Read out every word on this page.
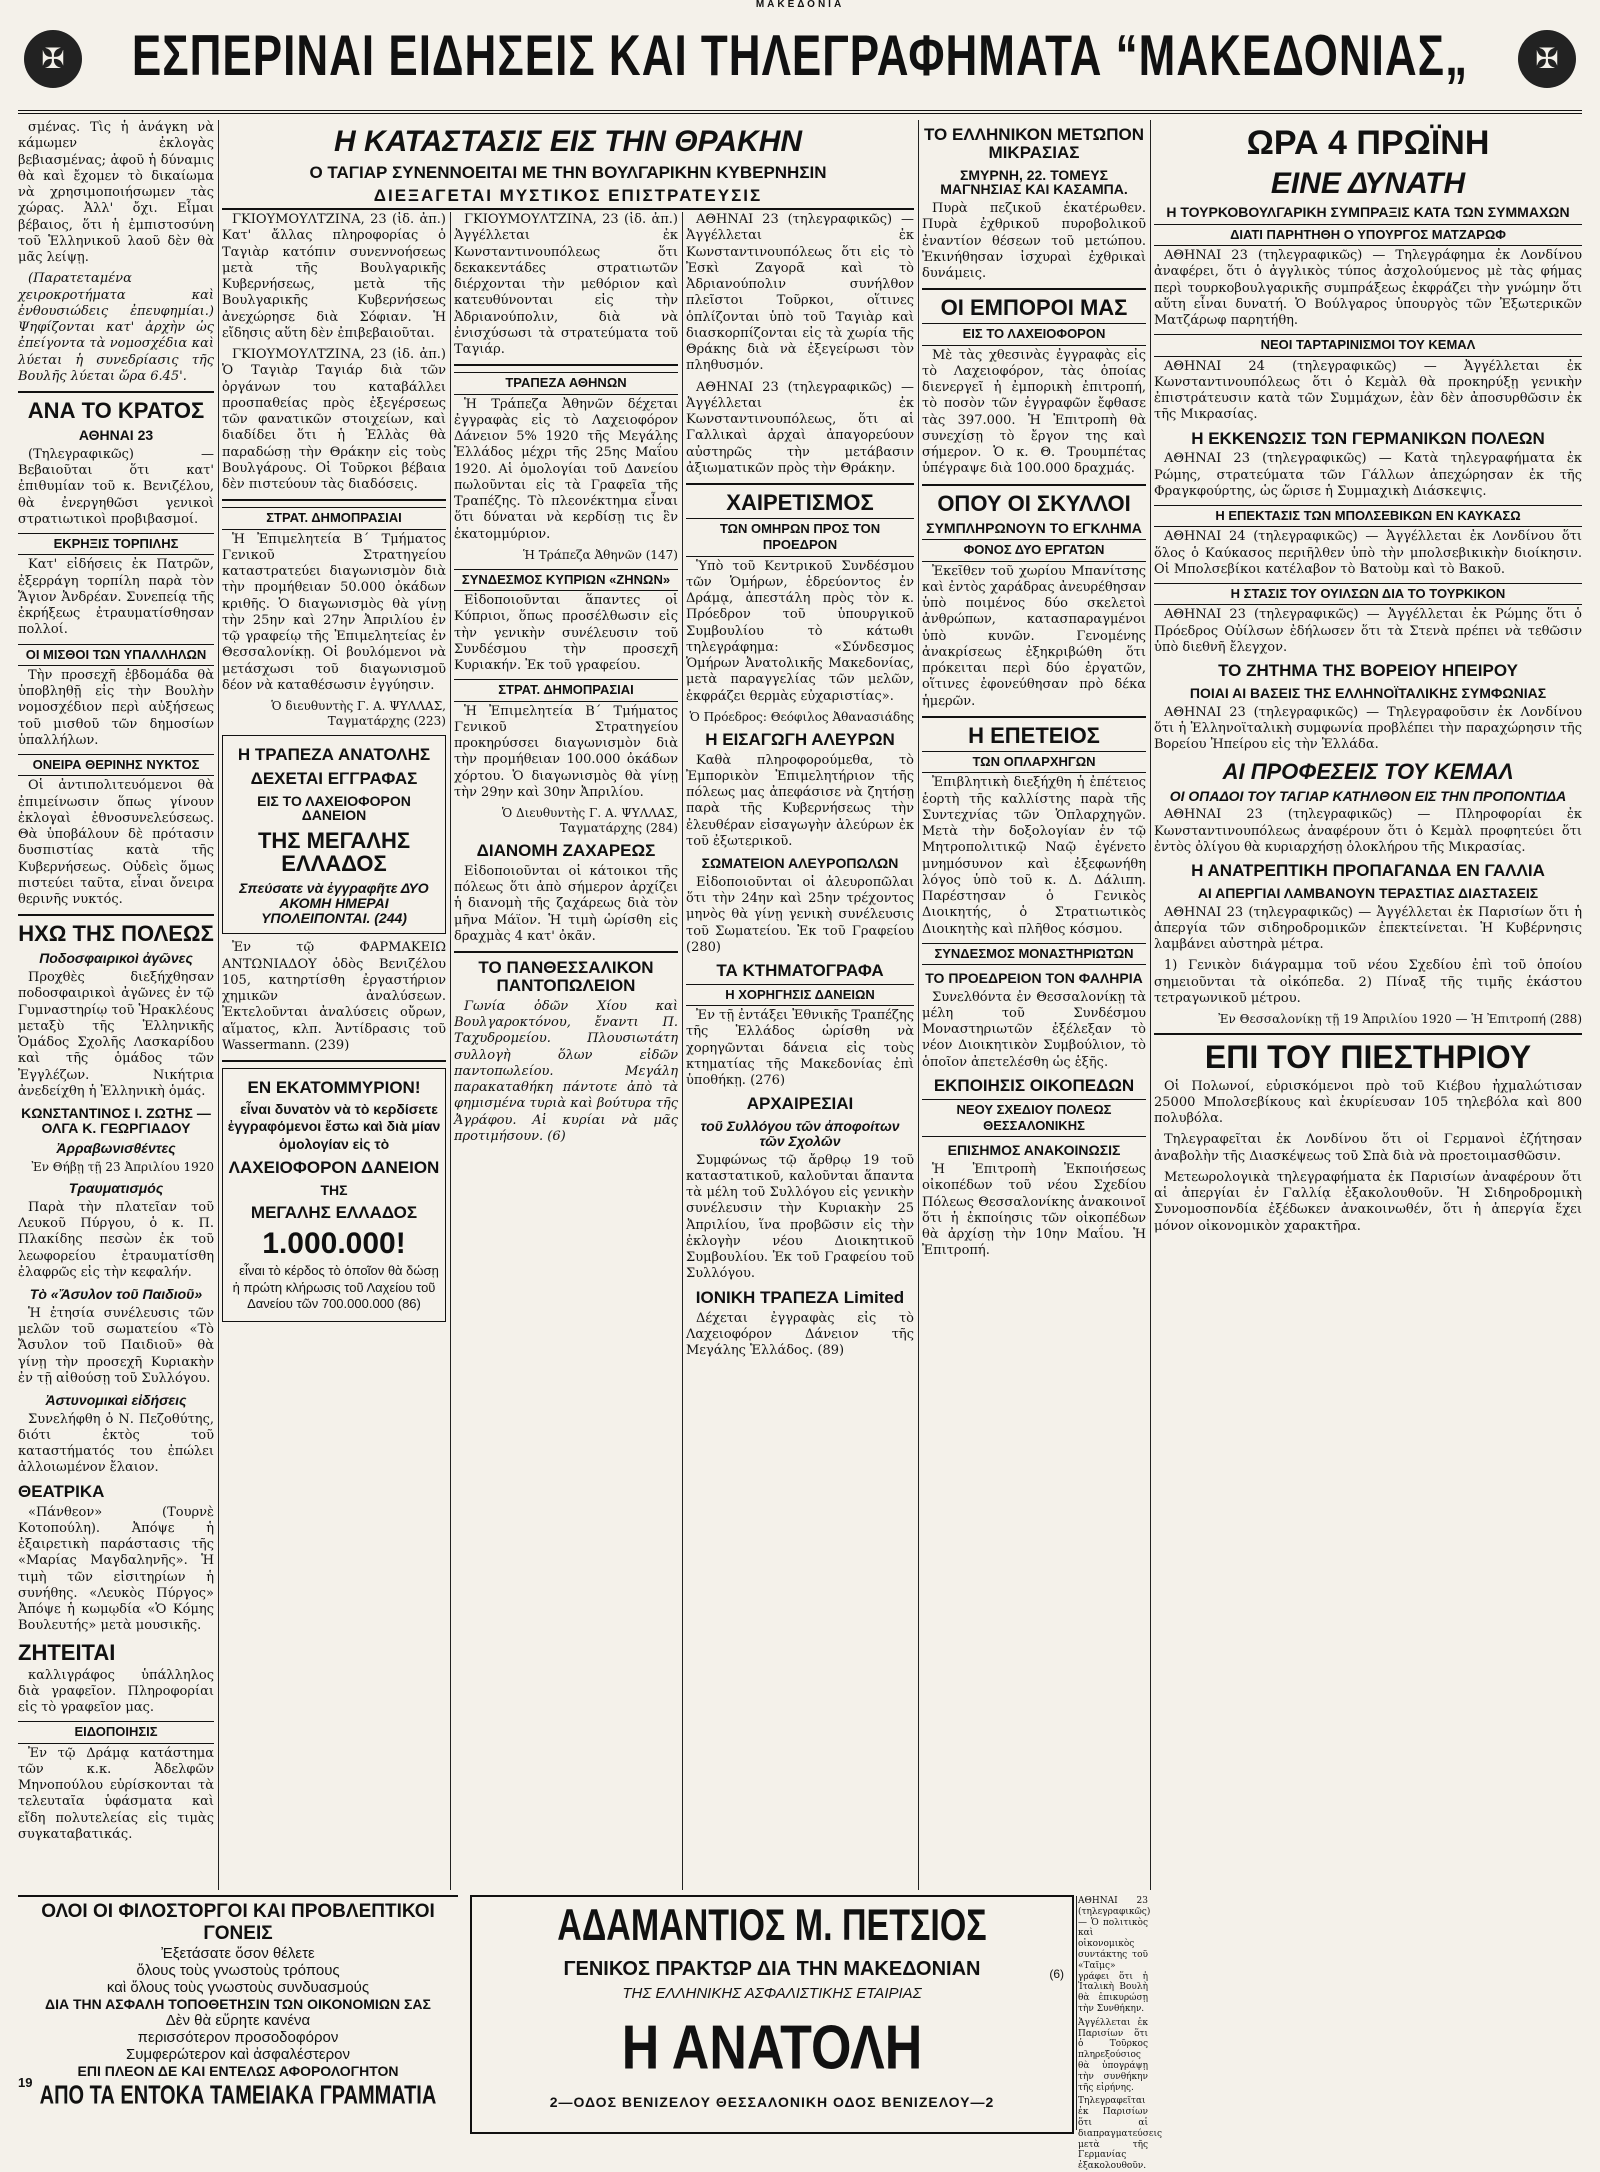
ΜΑΚΕΔΟΝΙΑ
✠	ΕΣΠΕΡΙΝΑΙ ΕΙΔΗΣΕΙΣ ΚΑΙ ΤΗΛΕΓΡΑΦΗΜΑΤΑ “ΜΑΚΕΔΟΝΙΑΣ„	✠

σμένας. Τὶς ἡ ἀνάγκη νὰ κάμωμεν ἐκλογὰς βεβιασμένας; ἀφοῦ ἡ δύναμις θὰ καὶ ἔχομεν τὸ δικαίωμα νὰ χρησιμοποιήσωμεν τὰς χώρας. Ἀλλ' ὄχι. Εἶμαι βέβαιος, ὅτι ἡ ἐμπιστοσύνη τοῦ Ἑλληνικοῦ λαοῦ δὲν θὰ μᾶς λείψῃ.

(Παρατεταμένα χειροκροτήματα καὶ ἐνθουσιώδεις ἐπευφημίαι.) Ψηφίζονται κατ' ἀρχὴν ὡς ἐπείγοντα τὰ νομοσχέδια καὶ λύεται ἡ συνεδρίασις τῆς Βουλῆς λύεται ὥρα 6.45'.

ΑΝΑ ΤΟ ΚΡΑΤΟΣ
ΑΘΗΝΑΙ 23

(Τηλεγραφικῶς) — Βεβαιοῦται ὅτι κατ' ἐπιθυμίαν τοῦ κ. Βενιζέλου, θὰ ἐνεργηθῶσι γενικοὶ στρατιωτικοὶ προβιβασμοί.

ΕΚΡΗΞΙΣ ΤΟΡΠΙΛΗΣ

Κατ' εἰδήσεις ἐκ Πατρῶν, ἐξερράγη τορπίλη παρὰ τὸν Ἅγιον Ἀνδρέαν. Συνεπείᾳ τῆς ἐκρήξεως ἐτραυματίσθησαν πολλοί.

ΟΙ ΜΙΣΘΟΙ ΤΩΝ ΥΠΑΛΛΗΛΩΝ

Τὴν προσεχῆ ἑβδομάδα θὰ ὑποβληθῇ εἰς τὴν Βουλὴν νομοσχέδιον περὶ αὐξήσεως τοῦ μισθοῦ τῶν δημοσίων ὑπαλλήλων.

ΟΝΕΙΡΑ ΘΕΡΙΝΗΣ ΝΥΚΤΟΣ

Οἱ ἀντιπολιτευόμενοι θὰ ἐπιμείνωσιν ὅπως γίνουν ἐκλογαὶ ἐθνοσυνελεύσεως. Θὰ ὑποβάλουν δὲ πρότασιν δυσπιστίας κατὰ τῆς Κυβερνήσεως. Οὐδεὶς ὅμως πιστεύει ταῦτα, εἶναι ὄνειρα θερινῆς νυκτός.

ΗΧΩ ΤΗΣ ΠΟΛΕΩΣ
Ποδοσφαιρικοὶ ἀγῶνες

Προχθὲς διεξήχθησαν ποδοσφαιρικοὶ ἀγῶνες ἐν τῷ Γυμναστηρίῳ τοῦ Ἡρακλέους μεταξὺ τῆς Ἑλληνικῆς Ὁμάδος Σχολῆς Λασκαρίδου καὶ τῆς ὁμάδος τῶν Ἐγγλέζων. Νικήτρια ἀνεδείχθη ἡ Ἑλληνικὴ ὁμάς.

ΚΩΝΣΤΑΝΤΙΝΟΣ Ι. ΖΩΤΗΣ — ΟΛΓΑ Κ. ΓΕΩΡΓΙΑΔΟΥ
Ἀρραβωνισθέντες
Ἐν Θήβῃ τῇ 23 Ἀπριλίου 1920
Τραυματισμός

Παρὰ τὴν πλατεῖαν τοῦ Λευκοῦ Πύργου, ὁ κ. Π. Πλακίδης πεσὼν ἐκ τοῦ λεωφορείου ἐτραυματίσθη ἐλαφρῶς εἰς τὴν κεφαλήν.

Τὸ «Ἄσυλον τοῦ Παιδιοῦ»

Ἡ ἐτησία συνέλευσις τῶν μελῶν τοῦ σωματείου «Τὸ Ἄσυλον τοῦ Παιδιοῦ» θὰ γίνῃ τὴν προσεχῆ Κυριακὴν ἐν τῇ αἰθούσῃ τοῦ Συλλόγου.

Ἀστυνομικαὶ εἰδήσεις

Συνελήφθη ὁ Ν. Πεζοθύτης, διότι ἐκτὸς τοῦ καταστήματός του ἐπώλει ἀλλοιωμένον ἔλαιον.

ΘΕΑΤΡΙΚΑ

«Πάνθεον» (Τουρνὲ Κοτοπούλη). Ἀπόψε ἡ ἐξαιρετικὴ παράστασις τῆς «Μαρίας Μαγδαληνῆς». Ἡ τιμὴ τῶν εἰσιτηρίων ἡ συνήθης. «Λευκὸς Πύργος» Ἀπόψε ἡ κωμῳδία «Ὁ Κόμης Βουλευτής» μετὰ μουσικῆς.

ΖΗΤΕΙΤΑΙ

καλλιγράφος ὑπάλληλος διὰ γραφεῖον. Πληροφορίαι εἰς τὸ γραφεῖον μας.

ΕΙΔΟΠΟΙΗΣΙΣ

Ἐν τῷ Δράμᾳ κατάστημα τῶν κ.κ. Ἀδελφῶν Μηνοπούλου εὑρίσκονται τὰ τελευταῖα ὑφάσματα καὶ εἴδη πολυτελείας εἰς τιμὰς συγκαταβατικάς.

Η ΚΑΤΑΣΤΑΣΙΣ ΕΙΣ ΤΗΝ ΘΡΑΚΗΝ
Ο ΤΑΓΙΑΡ ΣΥΝΕΝΝΟΕΙΤΑΙ ΜΕ ΤΗΝ ΒΟΥΛΓΑΡΙΚΗΝ ΚΥΒΕΡΝΗΣΙΝ
ΔΙΕΞΑΓΕΤΑΙ ΜΥΣΤΙΚΟΣ ΕΠΙΣΤΡΑΤΕΥΣΙΣ

ΓΚΙΟΥΜΟΥΛΤΖΙΝΑ, 23 (ἰδ. ἀπ.) Κατ' ἄλλας πληροφορίας ὁ Ταγιὰρ κατόπιν συνεννοήσεως μετὰ τῆς Βουλγαρικῆς Κυβερνήσεως, μετὰ τῆς Βουλγαρικῆς Κυβερνήσεως ἀνεχώρησε διὰ Σόφιαν. Ἡ εἴδησις αὕτη δὲν ἐπιβεβαιοῦται.

ΓΚΙΟΥΜΟΥΛΤΖΙΝΑ, 23 (ἰδ. ἀπ.) Ὁ Ταγιὰρ Ταγιάρ διὰ τῶν ὀργάνων του καταβάλλει προσπαθείας πρὸς ἐξεγέρσεως τῶν φανατικῶν στοιχείων, καὶ διαδίδει ὅτι ἡ Ἑλλὰς θὰ παραδώσῃ τὴν Θράκην εἰς τοὺς Βουλγάρους. Οἱ Τοῦρκοι βέβαια δὲν πιστεύουν τὰς διαδόσεις.

ΣΤΡΑΤ. ΔΗΜΟΠΡΑΣΙΑΙ

Ἡ Ἐπιμελητεία Β΄ Τμήματος Γενικοῦ Στρατηγείου καταστρατεύει διαγωνισμὸν διὰ τὴν προμήθειαν 50.000 ὀκάδων κριθῆς. Ὁ διαγωνισμὸς θὰ γίνῃ τὴν 25ην καὶ 27ην Ἀπριλίου ἐν τῷ γραφείῳ τῆς Ἐπιμελητείας ἐν Θεσσαλονίκῃ. Οἱ βουλόμενοι νὰ μετάσχωσι τοῦ διαγωνισμοῦ δέον νὰ καταθέσωσιν ἐγγύησιν.

Ὁ διευθυντὴς Γ. Α. ΨΥΛΛΑΣ, Ταγματάρχης (223)
Η ΤΡΑΠΕΖΑ ΑΝΑΤΟΛΗΣ
ΔΕΧΕΤΑΙ ΕΓΓΡΑΦΑΣ
ΕΙΣ ΤΟ ΛΑΧΕΙΟΦΟΡΟΝ ΔΑΝΕΙΟΝ
ΤΗΣ ΜΕΓΑΛΗΣ ΕΛΛΑΔΟΣ
Σπεύσατε νὰ ἐγγραφῆτε ΔΥΟ ΑΚΟΜΗ ΗΜΕΡΑΙ ΥΠΟΛΕΙΠΟΝΤΑΙ. (244)

Ἐν τῷ ΦΑΡΜΑΚΕΙΩ ΑΝΤΩΝΙΑΔΟΥ ὁδὸς Βενιζέλου 105, κατηρτίσθη ἐργαστήριον χημικῶν ἀναλύσεων. Ἐκτελοῦνται ἀναλύσεις οὔρων, αἵματος, κλπ. Ἀντίδρασις τοῦ Wassermann. (239)

ΕΝ ΕΚΑΤΟΜΜΥΡΙΟΝ!

εἶναι δυνατὸν νὰ τὸ κερδίσετε ἐγγραφόμενοι ἔστω καὶ διὰ μίαν ὁμολογίαν εἰς τὸ

ΛΑΧΕΙΟΦΟΡΟΝ ΔΑΝΕΙΟΝ
ΤΗΣ
ΜΕΓΑΛΗΣ ΕΛΛΑΔΟΣ
1.000.000!

εἶναι τὸ κέρδος τὸ ὁποῖον θὰ δώσῃ ἡ πρώτη κλήρωσις τοῦ Λαχείου τοῦ Δανείου τῶν 700.000.000 (86)

ΓΚΙΟΥΜΟΥΛΤΖΙΝΑ, 23 (ἰδ. ἀπ.) Ἀγγέλλεται ἐκ Κωνσταντινουπόλεως ὅτι δεκακεντάδες στρατιωτῶν διέρχονται τὴν μεθόριον καὶ κατευθύνονται εἰς τὴν Ἀδριανούπολιν, διὰ νὰ ἐνισχύσωσι τὰ στρατεύματα τοῦ Ταγιάρ.

ΤΡΑΠΕΖΑ ΑΘΗΝΩΝ

Ἡ Τράπεζα Ἀθηνῶν δέχεται ἐγγραφὰς εἰς τὸ Λαχειοφόρον Δάνειον 5% 1920 τῆς Μεγάλης Ἑλλάδος μέχρι τῆς 25ης Μαΐου 1920. Αἱ ὁμολογίαι τοῦ Δανείου πωλοῦνται εἰς τὰ Γραφεῖα τῆς Τραπέζης. Τὸ πλεονέκτημα εἶναι ὅτι δύναται νὰ κερδίσῃ τις ἓν ἑκατομμύριον.

Ἡ Τράπεζα Ἀθηνῶν (147)
ΣΥΝΔΕΣΜΟΣ ΚΥΠΡΙΩΝ «ΖΗΝΩΝ»

Εἰδοποιοῦνται ἅπαντες οἱ Κύπριοι, ὅπως προσέλθωσιν εἰς τὴν γενικὴν συνέλευσιν τοῦ Συνδέσμου τὴν προσεχῆ Κυριακήν. Ἐκ τοῦ γραφείου.

ΣΤΡΑΤ. ΔΗΜΟΠΡΑΣΙΑΙ

Ἡ Ἐπιμελητεία Β΄ Τμήματος Γενικοῦ Στρατηγείου προκηρύσσει διαγωνισμὸν διὰ τὴν προμήθειαν 100.000 ὀκάδων χόρτου. Ὁ διαγωνισμὸς θὰ γίνῃ τὴν 29ην καὶ 30ην Ἀπριλίου.

Ὁ Διευθυντὴς Γ. Α. ΨΥΛΛΑΣ, Ταγματάρχης (284)
ΔΙΑΝΟΜΗ ΖΑΧΑΡΕΩΣ

Εἰδοποιοῦνται οἱ κάτοικοι τῆς πόλεως ὅτι ἀπὸ σήμερον ἀρχίζει ἡ διανομὴ τῆς ζαχάρεως διὰ τὸν μῆνα Μάϊον. Ἡ τιμὴ ὡρίσθη εἰς δραχμὰς 4 κατ' ὀκᾶν.

ΤΟ ΠΑΝΘΕΣΣΑΛΙΚΟΝ ΠΑΝΤΟΠΩΛΕΙΟΝ

Γωνία ὁδῶν Χίου καὶ Βουλγαροκτόνου, ἔναντι Π. Ταχυδρομείου. Πλουσιωτάτη συλλογὴ ὅλων εἰδῶν παντοπωλείου. Μεγάλη παρακαταθήκη πάντοτε ἀπὸ τὰ φημισμένα τυριὰ καὶ βούτυρα τῆς Ἀγράφου. Αἱ κυρίαι νὰ μᾶς προτιμήσουν. (6)

ΑΘΗΝΑΙ 23 (τηλεγραφικῶς) — Ἀγγέλλεται ἐκ Κωνσταντινουπόλεως ὅτι εἰς τὸ Ἐσκὶ Ζαγορᾶ καὶ τὸ Ἀδριανούπολιν συνήλθον πλεῖστοι Τοῦρκοι, οἵτινες ὁπλίζονται ὑπὸ τοῦ Ταγιὰρ καὶ διασκορπίζονται εἰς τὰ χωρία τῆς Θράκης διὰ νὰ ἐξεγείρωσι τὸν πληθυσμόν.

ΑΘΗΝΑΙ 23 (τηλεγραφικῶς) — Ἀγγέλλεται ἐκ Κωνσταντινουπόλεως, ὅτι αἱ Γαλλικαὶ ἀρχαὶ ἀπαγορεύουν αὐστηρῶς τὴν μετάβασιν ἀξιωματικῶν πρὸς τὴν Θράκην.

ΧΑΙΡΕΤΙΣΜΟΣ
ΤΩΝ ΟΜΗΡΩΝ ΠΡΟΣ ΤΟΝ ΠΡΟΕΔΡΟΝ

Ὑπὸ τοῦ Κεντρικοῦ Συνδέσμου τῶν Ὁμήρων, ἑδρεύοντος ἐν Δράμᾳ, ἀπεστάλη πρὸς τὸν κ. Πρόεδρον τοῦ ὑπουργικοῦ Συμβουλίου τὸ κάτωθι τηλεγράφημα: «Σύνδεσμος Ὁμήρων Ἀνατολικῆς Μακεδονίας, μετὰ παραγγελίας τῶν μελῶν, ἐκφράζει θερμὰς εὐχαριστίας».

Ὁ Πρόεδρος: Θεόφιλος Ἀθανασιάδης
Η ΕΙΣΑΓΩΓΗ ΑΛΕΥΡΩΝ

Καθὰ πληροφορούμεθα, τὸ Ἐμπορικὸν Ἐπιμελητήριον τῆς πόλεως μας ἀπεφάσισε νὰ ζητήσῃ παρὰ τῆς Κυβερνήσεως τὴν ἐλευθέραν εἰσαγωγὴν ἀλεύρων ἐκ τοῦ ἐξωτερικοῦ.

ΣΩΜΑΤΕΙΟΝ ΑΛΕΥΡΟΠΩΛΩΝ

Εἰδοποιοῦνται οἱ ἀλευροπῶλαι ὅτι τὴν 24ην καὶ 25ην τρέχοντος μηνὸς θὰ γίνῃ γενικὴ συνέλευσις τοῦ Σωματείου. Ἐκ τοῦ Γραφείου (280)

ΤΑ ΚΤΗΜΑΤΟΓΡΑΦΑ
Η ΧΟΡΗΓΗΣΙΣ ΔΑΝΕΙΩΝ

Ἐν τῇ ἐντάξει Ἐθνικῆς Τραπέζης τῆς Ἑλλάδος ὡρίσθη νὰ χορηγῶνται δάνεια εἰς τοὺς κτηματίας τῆς Μακεδονίας ἐπὶ ὑποθήκῃ. (276)

ΑΡΧΑΙΡΕΣΙΑΙ
τοῦ Συλλόγου τῶν ἀποφοίτων τῶν Σχολῶν

Συμφώνως τῷ ἄρθρῳ 19 τοῦ καταστατικοῦ, καλοῦνται ἅπαντα τὰ μέλη τοῦ Συλλόγου εἰς γενικὴν συνέλευσιν τὴν Κυριακὴν 25 Ἀπριλίου, ἵνα προβῶσιν εἰς τὴν ἐκλογὴν νέου Διοικητικοῦ Συμβουλίου. Ἐκ τοῦ Γραφείου τοῦ Συλλόγου.

ΙΟΝΙΚΗ ΤΡΑΠΕΖΑ Limited

Δέχεται ἐγγραφὰς εἰς τὸ Λαχειοφόρον Δάνειον τῆς Μεγάλης Ἑλλάδος. (89)

ΤΟ ΕΛΛΗΝΙΚΟΝ ΜΕΤΩΠΟΝ ΜΙΚΡΑΣΙΑΣ
ΣΜΥΡΝΗ, 22. ΤΟΜΕΥΣ ΜΑΓΝΗΣΙΑΣ ΚΑΙ ΚΑΣΑΜΠΑ.

Πυρὰ πεζικοῦ ἑκατέρωθεν. Πυρὰ ἐχθρικοῦ πυροβολικοῦ ἐναντίον θέσεων τοῦ μετώπου. Ἐκινήθησαν ἰσχυραὶ ἐχθρικαὶ δυνάμεις.

ΟΙ ΕΜΠΟΡΟΙ ΜΑΣ
ΕΙΣ ΤΟ ΛΑΧΕΙΟΦΟΡΟΝ

Μὲ τὰς χθεσινὰς ἐγγραφὰς εἰς τὸ Λαχειοφόρον, τὰς ὁποίας διενεργεῖ ἡ ἐμπορικὴ ἐπιτροπή, τὸ ποσὸν τῶν ἐγγραφῶν ἔφθασε τὰς 397.000. Ἡ Ἐπιτροπὴ θὰ συνεχίσῃ τὸ ἔργον της καὶ σήμερον. Ὁ κ. Θ. Τρουμπέτας ὑπέγραψε διὰ 100.000 δραχμάς.

ΟΠΟΥ ΟΙ ΣΚΥΛΛΟΙ
ΣΥΜΠΛΗΡΩΝΟΥΝ ΤΟ ΕΓΚΛΗΜΑ
ΦΟΝΟΣ ΔΥΟ ΕΡΓΑΤΩΝ

Ἐκεῖθεν τοῦ χωρίου Μπανίτσης καὶ ἐντὸς χαράδρας ἀνευρέθησαν ὑπὸ ποιμένος δύο σκελετοὶ ἀνθρώπων, κατασπαραγμένοι ὑπὸ κυνῶν. Γενομένης ἀνακρίσεως ἐξηκριβώθη ὅτι πρόκειται περὶ δύο ἐργατῶν, οἵτινες ἐφονεύθησαν πρὸ δέκα ἡμερῶν.

Η ΕΠΕΤΕΙΟΣ
ΤΩΝ ΟΠΛΑΡΧΗΓΩΝ

Ἐπιβλητικὴ διεξήχθη ἡ ἐπέτειος ἑορτὴ τῆς καλλίστης παρὰ τῆς Συντεχνίας τῶν Ὁπλαρχηγῶν. Μετὰ τὴν δοξολογίαν ἐν τῷ Μητροπολιτικῷ Ναῷ ἐγένετο μνημόσυνον καὶ ἐξεφωνήθη λόγος ὑπὸ τοῦ κ. Δ. Δάλιπη. Παρέστησαν ὁ Γενικὸς Διοικητής, ὁ Στρατιωτικὸς Διοικητὴς καὶ πλῆθος κόσμου.

ΣΥΝΔΕΣΜΟΣ ΜΟΝΑΣΤΗΡΙΩΤΩΝ
ΤΟ ΠΡΟΕΔΡΕΙΟΝ ΤΟΝ ΦΑΛΗΡΙΑ

Συνελθόντα ἐν Θεσσαλονίκῃ τὰ μέλη τοῦ Συνδέσμου Μοναστηριωτῶν ἐξέλεξαν τὸ νέον Διοικητικὸν Συμβούλιον, τὸ ὁποῖον ἀπετελέσθη ὡς ἑξῆς.

ΕΚΠΟΙΗΣΙΣ ΟΙΚΟΠΕΔΩΝ
ΝΕΟΥ ΣΧΕΔΙΟΥ ΠΟΛΕΩΣ ΘΕΣΣΑΛΟΝΙΚΗΣ
ΕΠΙΣΗΜΟΣ ΑΝΑΚΟΙΝΩΣΙΣ

Ἡ Ἐπιτροπὴ Ἐκποιήσεως οἰκοπέδων τοῦ νέου Σχεδίου Πόλεως Θεσσαλονίκης ἀνακοινοῖ ὅτι ἡ ἐκποίησις τῶν οἰκοπέδων θὰ ἀρχίσῃ τὴν 10ην Μαΐου. Ἡ Ἐπιτροπή.

ΩΡΑ 4 ΠΡΩΪΝΗ
ΕΙΝΕ ΔΥΝΑΤΗ
Η ΤΟΥΡΚΟΒΟΥΛΓΑΡΙΚΗ ΣΥΜΠΡΑΞΙΣ ΚΑΤΑ ΤΩΝ ΣΥΜΜΑΧΩΝ
ΔΙΑΤΙ ΠΑΡΗΤΗΘΗ Ο ΥΠΟΥΡΓΟΣ ΜΑΤΖΑΡΩΦ

ΑΘΗΝΑΙ 23 (τηλεγραφικῶς) — Τηλεγράφημα ἐκ Λονδίνου ἀναφέρει, ὅτι ὁ ἀγγλικὸς τύπος ἀσχολούμενος μὲ τὰς φήμας περὶ τουρκοβουλγαρικῆς συμπράξεως ἐκφράζει τὴν γνώμην ὅτι αὕτη εἶναι δυνατή. Ὁ Βούλγαρος ὑπουργὸς τῶν Ἐξωτερικῶν Ματζάρωφ παρητήθη.

ΝΕΟΙ ΤΑΡΤΑΡΙΝΙΣΜΟΙ ΤΟΥ ΚΕΜΑΛ

ΑΘΗΝΑΙ 24 (τηλεγραφικῶς) — Ἀγγέλλεται ἐκ Κωνσταντινουπόλεως ὅτι ὁ Κεμὰλ θὰ προκηρύξῃ γενικὴν ἐπιστράτευσιν κατὰ τῶν Συμμάχων, ἐὰν δὲν ἀποσυρθῶσιν ἐκ τῆς Μικρασίας.

Η ΕΚΚΕΝΩΣΙΣ ΤΩΝ ΓΕΡΜΑΝΙΚΩΝ ΠΟΛΕΩΝ

ΑΘΗΝΑΙ 23 (τηλεγραφικῶς) — Κατὰ τηλεγραφήματα ἐκ Ρώμης, στρατεύματα τῶν Γάλλων ἀπεχώρησαν ἐκ τῆς Φραγκφούρτης, ὡς ὥρισε ἡ Συμμαχικὴ Διάσκεψις.

Η ΕΠΕΚΤΑΣΙΣ ΤΩΝ ΜΠΟΛΣΕΒΙΚΩΝ ΕΝ ΚΑΥΚΑΣΩ

ΑΘΗΝΑΙ 24 (τηλεγραφικῶς) — Ἀγγέλλεται ἐκ Λονδίνου ὅτι ὅλος ὁ Καύκασος περιῆλθεν ὑπὸ τὴν μπολσεβικικὴν διοίκησιν. Οἱ Μπολσεβίκοι κατέλαβον τὸ Βατοὺμ καὶ τὸ Βακοῦ.

Η ΣΤΑΣΙΣ ΤΟΥ ΟΥΙΛΣΩΝ ΔΙΑ ΤΟ ΤΟΥΡΚΙΚΟΝ

ΑΘΗΝΑΙ 23 (τηλεγραφικῶς) — Ἀγγέλλεται ἐκ Ρώμης ὅτι ὁ Πρόεδρος Οὐίλσων ἐδήλωσεν ὅτι τὰ Στενὰ πρέπει νὰ τεθῶσιν ὑπὸ διεθνῆ ἔλεγχον.

ΤΟ ΖΗΤΗΜΑ ΤΗΣ ΒΟΡΕΙΟΥ ΗΠΕΙΡΟΥ
ΠΟΙΑΙ ΑΙ ΒΑΣΕΙΣ ΤΗΣ ΕΛΛΗΝΟΪΤΑΛΙΚΗΣ ΣΥΜΦΩΝΙΑΣ

ΑΘΗΝΑΙ 23 (τηλεγραφικῶς) — Τηλεγραφοῦσιν ἐκ Λονδίνου ὅτι ἡ Ἑλληνοϊταλικὴ συμφωνία προβλέπει τὴν παραχώρησιν τῆς Βορείου Ἠπείρου εἰς τὴν Ἑλλάδα.

ΑΙ ΠΡΟΦΕΣΕΙΣ ΤΟΥ ΚΕΜΑΛ
ΟΙ ΟΠΑΔΟΙ ΤΟΥ ΤΑΓΙΑΡ ΚΑΤΗΛΘΟΝ ΕΙΣ ΤΗΝ ΠΡΟΠΟΝΤΙΔΑ

ΑΘΗΝΑΙ 23 (τηλεγραφικῶς) — Πληροφορίαι ἐκ Κωνσταντινουπόλεως ἀναφέρουν ὅτι ὁ Κεμὰλ προφητεύει ὅτι ἐντὸς ὀλίγου θὰ κυριαρχήσῃ ὁλοκλήρου τῆς Μικρασίας.

Η ΑΝΑΤΡΕΠΤΙΚΗ ΠΡΟΠΑΓΑΝΔΑ ΕΝ ΓΑΛΛΙΑ
ΑΙ ΑΠΕΡΓΙΑΙ ΛΑΜΒΑΝΟΥΝ ΤΕΡΑΣΤΙΑΣ ΔΙΑΣΤΑΣΕΙΣ

ΑΘΗΝΑΙ 23 (τηλεγραφικῶς) — Ἀγγέλλεται ἐκ Παρισίων ὅτι ἡ ἀπεργία τῶν σιδηροδρομικῶν ἐπεκτείνεται. Ἡ Κυβέρνησις λαμβάνει αὐστηρὰ μέτρα.

1) Γενικὸν διάγραμμα τοῦ νέου Σχεδίου ἐπὶ τοῦ ὁποίου σημειοῦνται τὰ οἰκόπεδα. 2) Πίναξ τῆς τιμῆς ἑκάστου τετραγωνικοῦ μέτρου.

Ἐν Θεσσαλονίκῃ τῇ 19 Ἀπριλίου 1920 — Ἡ Ἐπιτροπή (288)
ΕΠΙ ΤΟΥ ΠΙΕΣΤΗΡΙΟΥ

Οἱ Πολωνοί, εὑρισκόμενοι πρὸ τοῦ Κιέβου ἠχμαλώτισαν 25000 Μπολσεβίκους καὶ ἐκυρίευσαν 105 τηλεβόλα καὶ 800 πολυβόλα.

Τηλεγραφεῖται ἐκ Λονδίνου ὅτι οἱ Γερμανοὶ ἐζήτησαν ἀναβολὴν τῆς Διασκέψεως τοῦ Σπὰ διὰ νὰ προετοιμασθῶσιν.

Μετεωρολογικὰ τηλεγραφήματα ἐκ Παρισίων ἀναφέρουν ὅτι αἱ ἀπεργίαι ἐν Γαλλίᾳ ἐξακολουθοῦν. Ἡ Σιδηροδρομικὴ Συνομοσπονδία ἐξέδωκεν ἀνακοινωθέν, ὅτι ἡ ἀπεργία ἔχει μόνον οἰκονομικὸν χαρακτῆρα.

ΟΛΟΙ ΟΙ ΦΙΛΟΣΤΟΡΓΟΙ ΚΑΙ ΠΡΟΒΛΕΠΤΙΚΟΙ ΓΟΝΕΙΣ
Ἐξετάσατε ὅσον θέλετε
ὅλους τοὺς γνωστοὺς τρόπους
καὶ ὅλους τοὺς γνωστοὺς συνδυασμούς
ΔΙΑ ΤΗΝ ΑΣΦΑΛΗ ΤΟΠΟΘΕΤΗΣΙΝ ΤΩΝ ΟΙΚΟΝΟΜΙΩΝ ΣΑΣ
Δὲν θὰ εὕρητε κανένα
περισσότερον προσοδοφόρον
Συμφερώτερον καὶ ἀσφαλέστερον
ΕΠΙ ΠΛΕΟΝ ΔΕ ΚΑΙ ΕΝΤΕΛΩΣ ΑΦΟΡΟΛΟΓΗΤΟΝ
ΑΠΟ ΤΑ ΕΝΤΟΚΑ ΤΑΜΕΙΑΚΑ ΓΡΑΜΜΑΤΙΑ
19
ΑΔΑΜΑΝΤΙΟΣ Μ. ΠΕΤΣΙΟΣ
ΓΕΝΙΚΟΣ ΠΡΑΚΤΩΡ ΔΙΑ ΤΗΝ ΜΑΚΕΔΟΝΙΑΝ
ΤΗΣ ΕΛΛΗΝΙΚΗΣ ΑΣΦΑΛΙΣΤΙΚΗΣ ΕΤΑΙΡΙΑΣ
Η ΑΝΑΤΟΛΗ
2—ΟΔΟΣ ΒΕΝΙΖΕΛΟΥ ΘΕΣΣΑΛΟΝΙΚΗ ΟΔΟΣ ΒΕΝΙΖΕΛΟΥ—2
(6)

ΑΘΗΝΑΙ 23 (τηλεγραφικῶς) — Ὁ πολιτικὸς καὶ οἰκονομικὸς συντάκτης τοῦ «Ταῖμς» γράφει ὅτι ἡ Ἰταλικὴ Βουλὴ θὰ ἐπικυρώσῃ τὴν Συνθήκην.

Ἀγγέλλεται ἐκ Παρισίων ὅτι ὁ Τοῦρκος πληρεξούσιος θὰ ὑπογράψῃ τὴν συνθήκην τῆς εἰρήνης.

Τηλεγραφεῖται ἐκ Παρισίων ὅτι αἱ διαπραγματεύσεις μετὰ τῆς Γερμανίας ἐξακολουθοῦν.
